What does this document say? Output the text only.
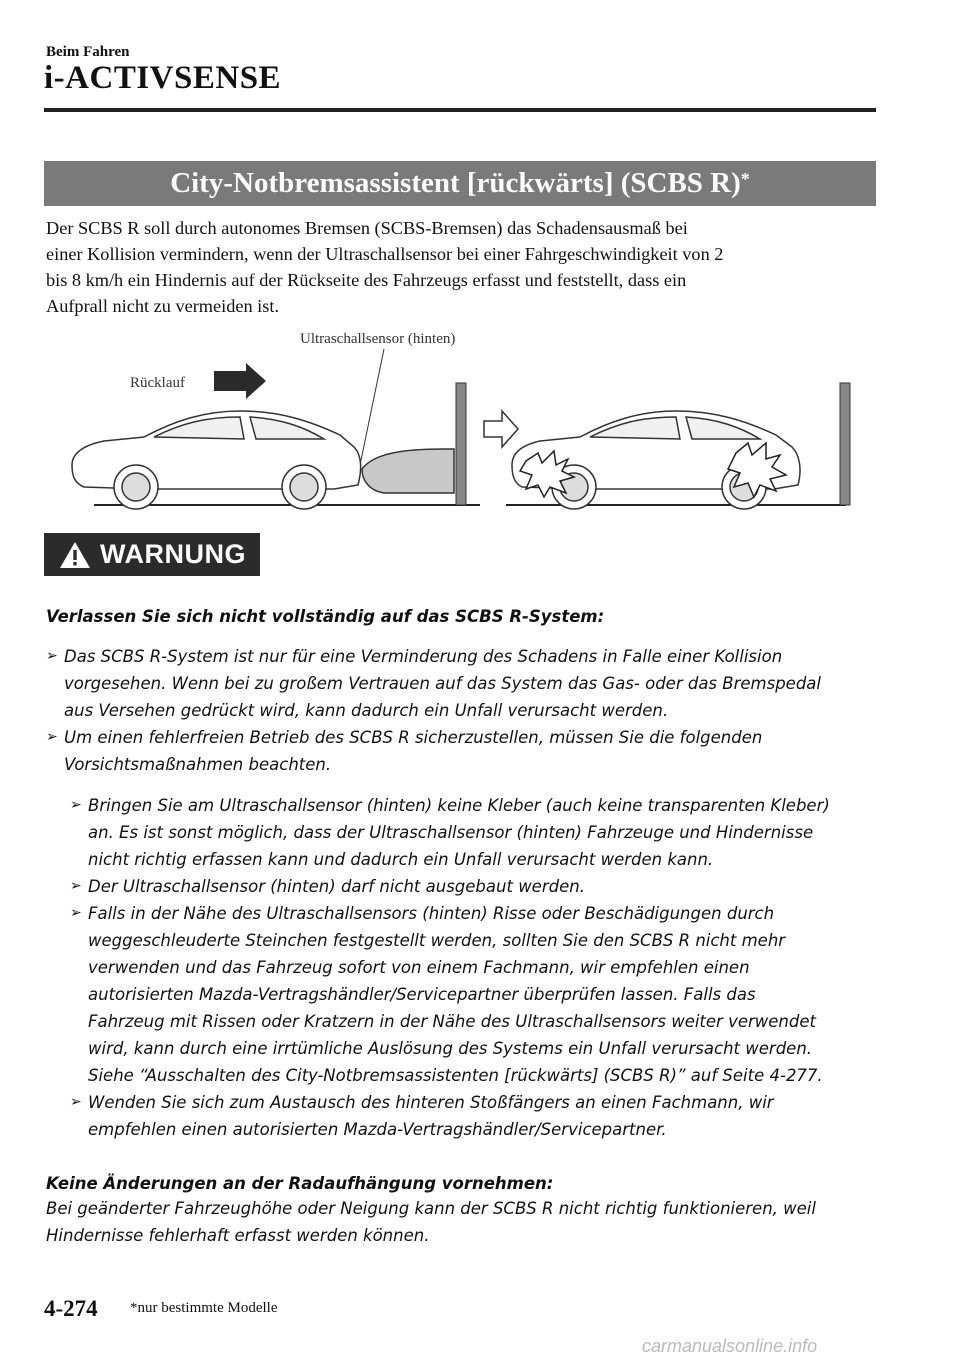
Beim Fahren
i-ACTIVSENSE
City-Notbremsassistent [rückwärts] (SCBS R)*
Der SCBS R soll durch autonomes Bremsen (SCBS-Bremsen) das Schadensausmaß bei
einer Kollision vermindern, wenn der Ultraschallsensor bei einer Fahrgeschwindigkeit von 2
bis 8 km/h ein Hindernis auf der Rückseite des Fahrzeugs erfasst und feststellt, dass ein
Aufprall nicht zu vermeiden ist.
Ultraschallsensor (hinten)
Rücklauf
WARNUNG
Verlassen Sie sich nicht vollständig auf das SCBS R-System:
➢ Das SCBS R-System ist nur für eine Verminderung des Schadens in Falle einer Kollision
vorgesehen. Wenn bei zu großem Vertrauen auf das System das Gas- oder das Bremspedal
aus Versehen gedrückt wird, kann dadurch ein Unfall verursacht werden.
➢ Um einen fehlerfreien Betrieb des SCBS R sicherzustellen, müssen Sie die folgenden
Vorsichtsmaßnahmen beachten.
➢ Bringen Sie am Ultraschallsensor (hinten) keine Kleber (auch keine transparenten Kleber)
an. Es ist sonst möglich, dass der Ultraschallsensor (hinten) Fahrzeuge und Hindernisse
nicht richtig erfassen kann und dadurch ein Unfall verursacht werden kann.
➢ Der Ultraschallsensor (hinten) darf nicht ausgebaut werden.
➢ Falls in der Nähe des Ultraschallsensors (hinten) Risse oder Beschädigungen durch
weggeschleuderte Steinchen festgestellt werden, sollten Sie den SCBS R nicht mehr
verwenden und das Fahrzeug sofort von einem Fachmann, wir empfehlen einen
autorisierten Mazda-Vertragshändler/Servicepartner überprüfen lassen. Falls das
Fahrzeug mit Rissen oder Kratzern in der Nähe des Ultraschallsensors weiter verwendet
wird, kann durch eine irrtümliche Auslösung des Systems ein Unfall verursacht werden.
Siehe “Ausschalten des City-Notbremsassistenten [rückwärts] (SCBS R)” auf Seite 4-277.
➢ Wenden Sie sich zum Austausch des hinteren Stoßfängers an einen Fachmann, wir
empfehlen einen autorisierten Mazda-Vertragshändler/Servicepartner.
Keine Änderungen an der Radaufhängung vornehmen:
Bei geänderter Fahrzeughöhe oder Neigung kann der SCBS R nicht richtig funktionieren, weil
Hindernisse fehlerhaft erfasst werden können.
4-274 *nur bestimmte Modelle
carmanualsonline.info
